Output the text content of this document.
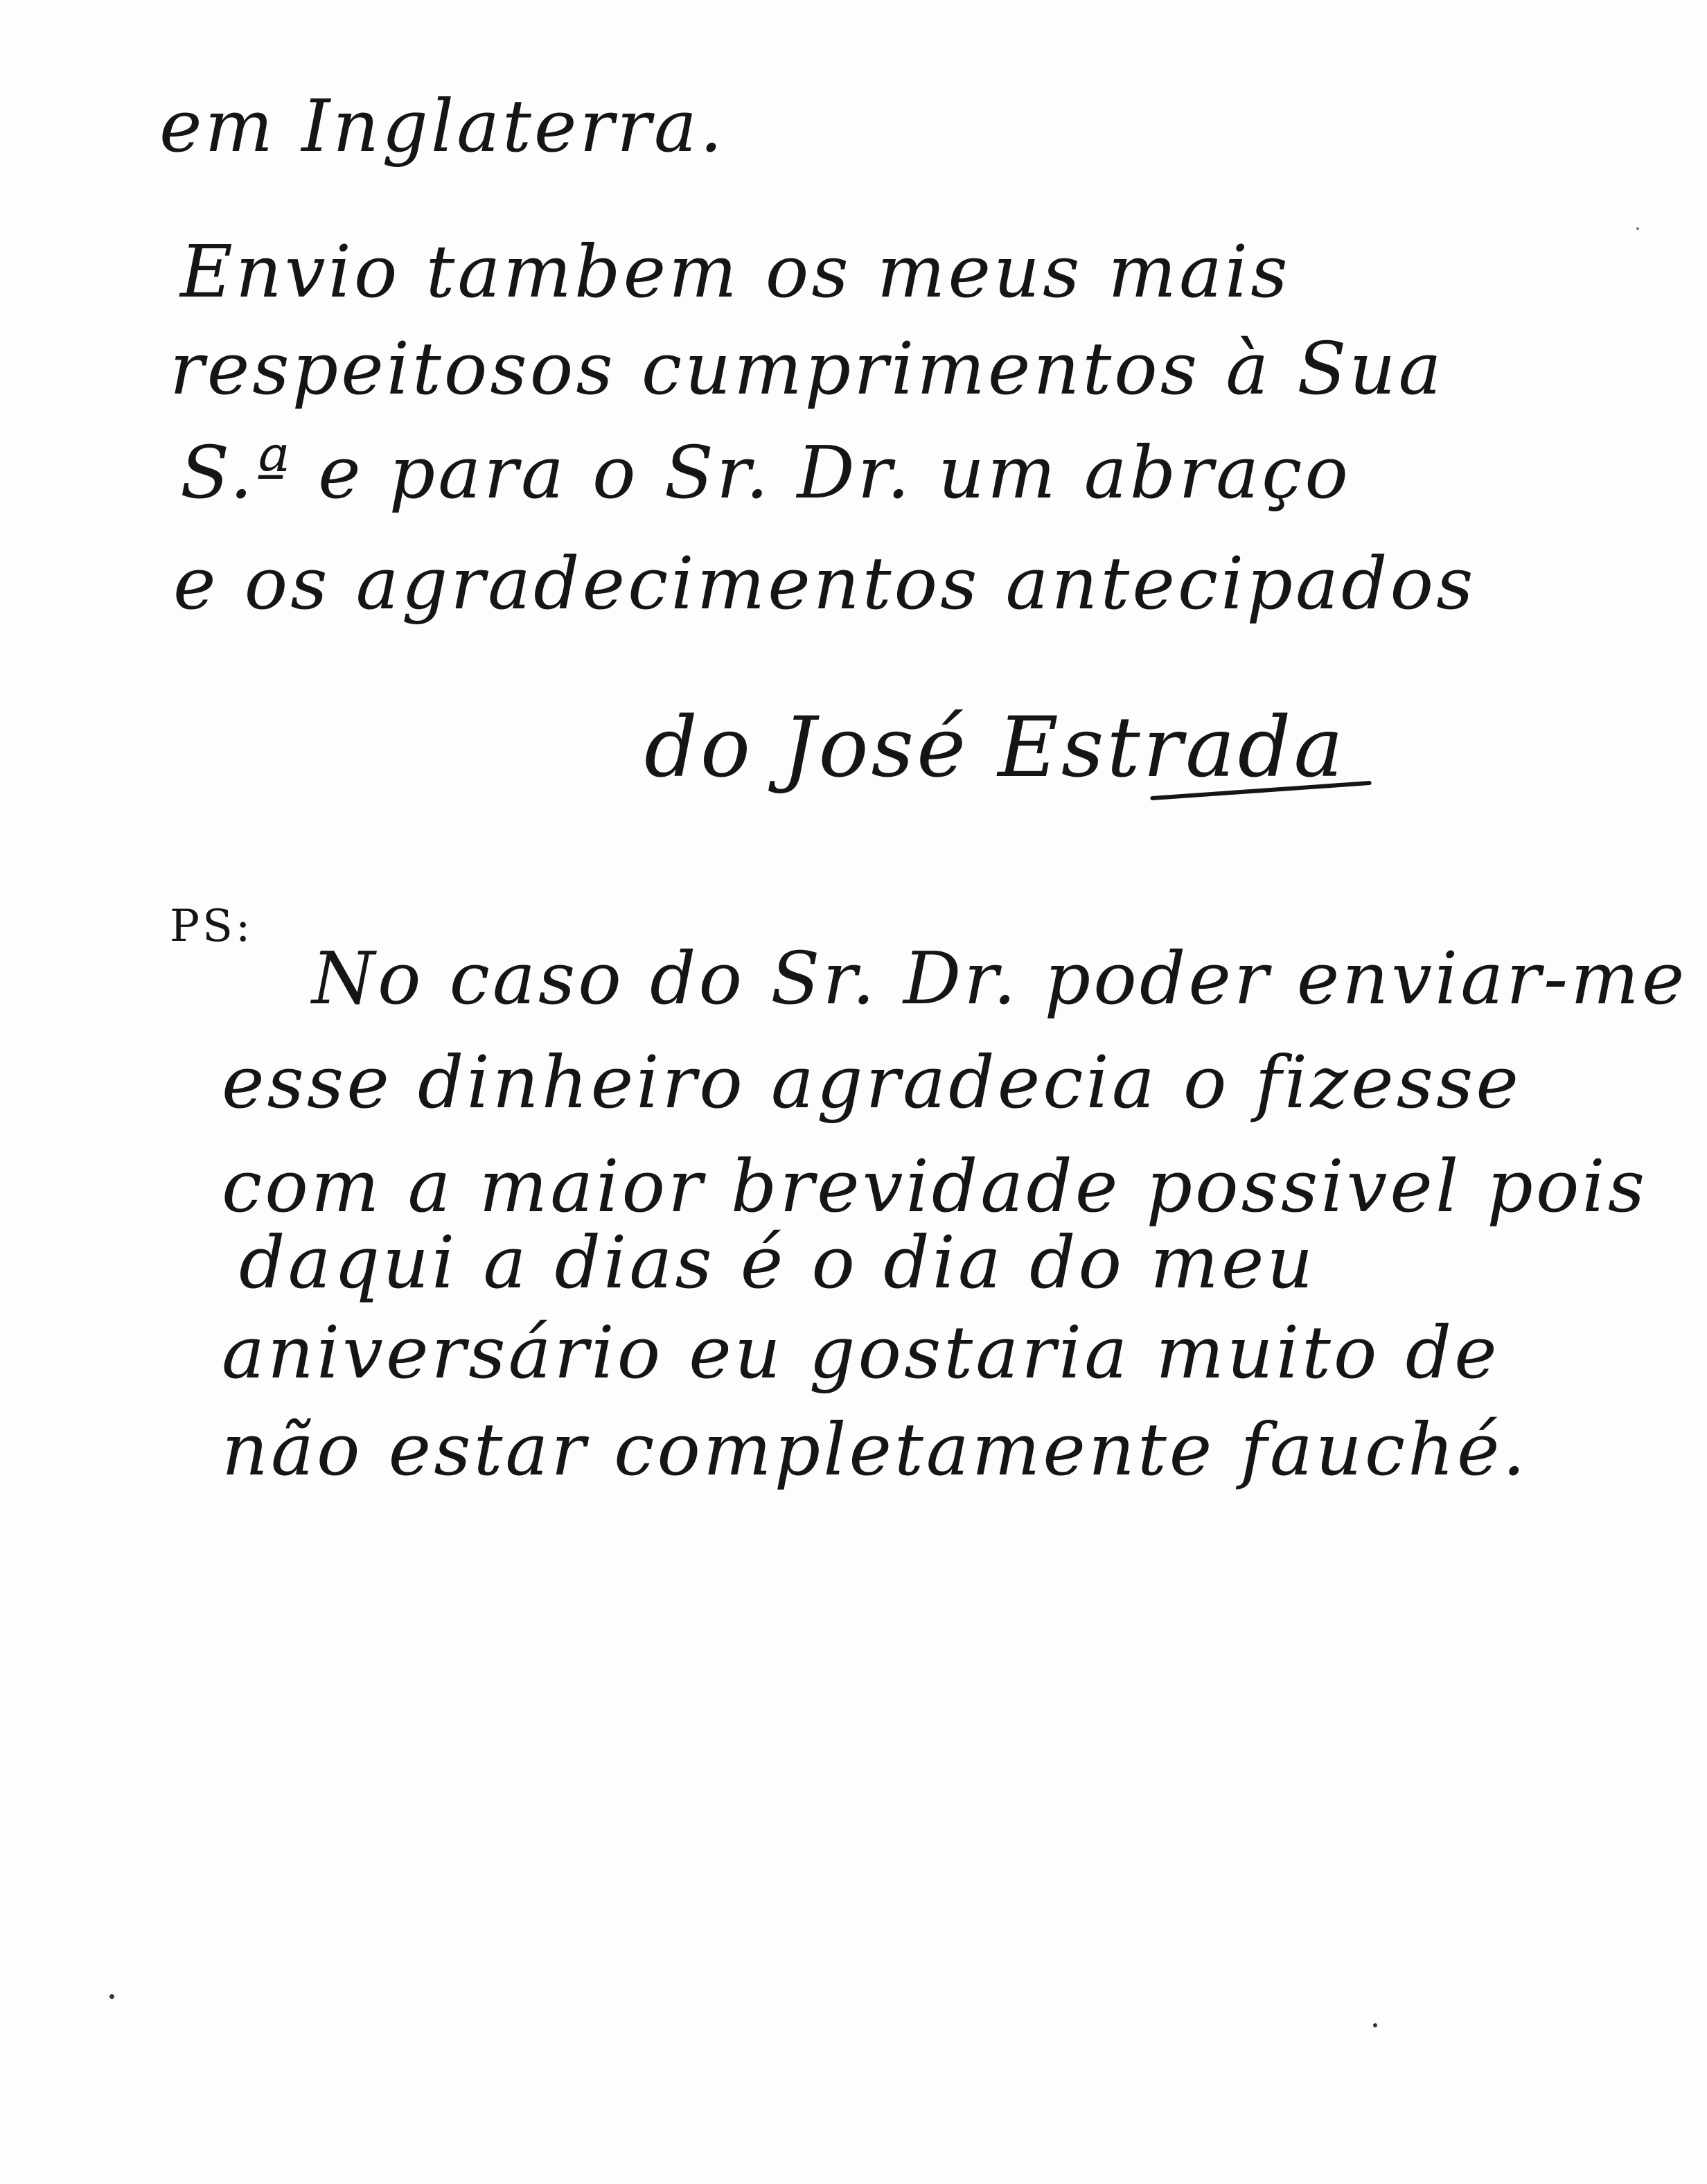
em Inglaterra.
Envio tambem os meus mais
respeitosos cumprimentos à Sua
S.ª e para o Sr. Dr. um abraço
e os agradecimentos antecipados
do José Estrada
PS:
No caso do Sr. Dr. poder enviar-me
esse dinheiro agradecia o fizesse
com a maior brevidade possivel pois
daqui a dias é o dia do meu
aniversário eu gostaria muito de
não estar completamente fauché.
